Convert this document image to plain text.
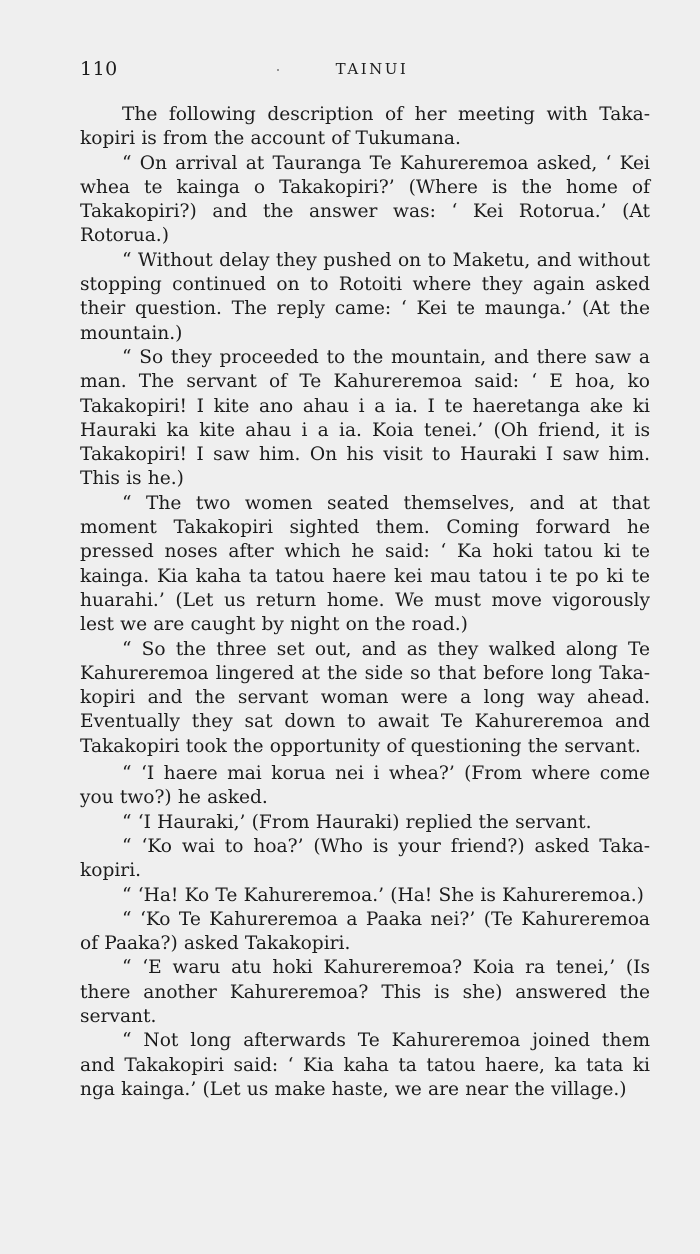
110	TAINUI

The following description of her meeting with Takakopiri is from the account of Tukumana.

“ On arrival at Tauranga Te Kahureremoa asked, ‘ Kei whea te kainga o Takakopiri?’ (Where is the home of Takakopiri?) and the answer was: ‘ Kei Rotorua.’ (At Rotorua.)

“ Without delay they pushed on to Maketu, and without stopping continued on to Rotoiti where they again asked their question. The reply came: ‘ Kei te maunga.’ (At the mountain.)

“ So they proceeded to the mountain, and there saw a man. The servant of Te Kahureremoa said: ‘ E hoa, ko Takakopiri! I kite ano ahau i a ia. I te haeretanga ake ki Hauraki ka kite ahau i a ia. Koia tenei.’ (Oh friend, it is Takakopiri! I saw him. On his visit to Hauraki I saw him. This is he.)

“ The two women seated themselves, and at that moment Takakopiri sighted them. Coming forward he pressed noses after which he said: ‘ Ka hoki tatou ki te kainga. Kia kaha ta tatou haere kei mau tatou i te po ki te huarahi.’ (Let us return home. We must move vigorously lest we are caught by night on the road.)

“ So the three set out, and as they walked along Te Kahureremoa lingered at the side so that before long Takakopiri and the servant woman were a long way ahead. Eventually they sat down to await Te Kahureremoa and Takakopiri took the opportunity of questioning the servant.

“ ‘I haere mai korua nei i whea?’ (From where come you two?) he asked.

“ ‘I Hauraki,’ (From Hauraki) replied the servant.

“ ‘Ko wai to hoa?’ (Who is your friend?) asked Takakopiri.

“ ‘Ha! Ko Te Kahureremoa.’ (Ha! She is Kahureremoa.)

“ ‘Ko Te Kahureremoa a Paaka nei?’ (Te Kahureremoa of Paaka?) asked Takakopiri.

“ ‘E waru atu hoki Kahureremoa? Koia ra tenei,’ (Is there another Kahureremoa? This is she) answered the servant.

“ Not long afterwards Te Kahureremoa joined them and Takakopiri said: ‘ Kia kaha ta tatou haere, ka tata ki nga kainga.’ (Let us make haste, we are near the village.)
